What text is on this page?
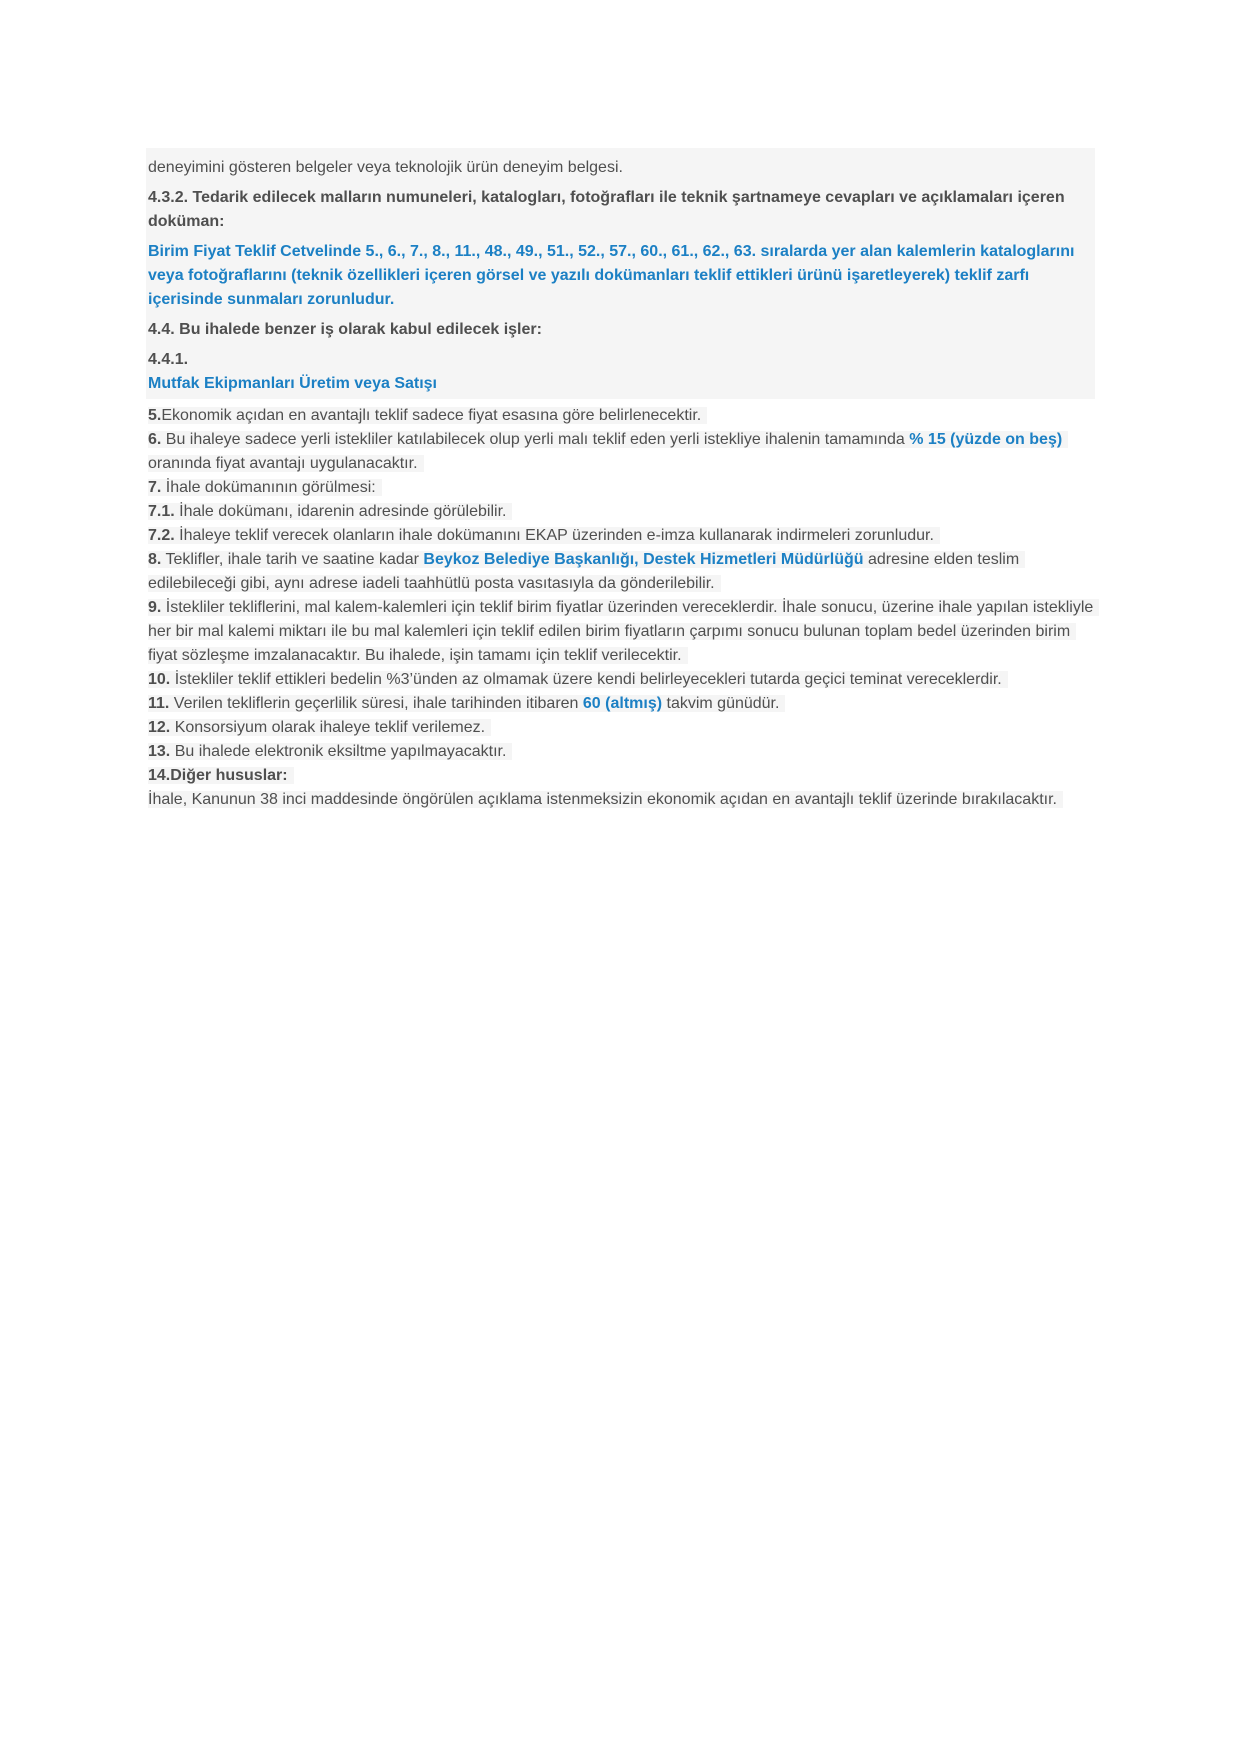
deneyimini gösteren belgeler veya teknolojik ürün deneyim belgesi.

4.3.2. Tedarik edilecek malların numuneleri, katalogları, fotoğrafları ile teknik şartnameye cevapları ve açıklamaları içeren doküman:

Birim Fiyat Teklif Cetvelinde 5., 6., 7., 8., 11., 48., 49., 51., 52., 57., 60., 61., 62., 63. sıralarda yer alan kalemlerin kataloglarını veya fotoğraflarını (teknik özellikleri içeren görsel ve yazılı dokümanları teklif ettikleri ürünü işaretleyerek) teklif zarfı içerisinde sunmaları zorunludur.

4.4. Bu ihalede benzer iş olarak kabul edilecek işler:

4.4.1.

Mutfak Ekipmanları Üretim veya Satışı

5.Ekonomik açıdan en avantajlı teklif sadece fiyat esasına göre belirlenecektir.

6. Bu ihaleye sadece yerli istekliler katılabilecek olup yerli malı teklif eden yerli istekliye ihalenin tamamında % 15 (yüzde on beş) oranında fiyat avantajı uygulanacaktır.

7. İhale dokümanının görülmesi:

7.1. İhale dokümanı, idarenin adresinde görülebilir.

7.2. İhaleye teklif verecek olanların ihale dokümanını EKAP üzerinden e-imza kullanarak indirmeleri zorunludur.

8. Teklifler, ihale tarih ve saatine kadar Beykoz Belediye Başkanlığı, Destek Hizmetleri Müdürlüğü adresine elden teslim edilebileceği gibi, aynı adrese iadeli taahhütlü posta vasıtasıyla da gönderilebilir.

9. İstekliler tekliflerini, mal kalem-kalemleri için teklif birim fiyatlar üzerinden vereceklerdir. İhale sonucu, üzerine ihale yapılan istekliyle her bir mal kalemi miktarı ile bu mal kalemleri için teklif edilen birim fiyatların çarpımı sonucu bulunan toplam bedel üzerinden birim fiyat sözleşme imzalanacaktır. Bu ihalede, işin tamamı için teklif verilecektir.

10. İstekliler teklif ettikleri bedelin %3’ünden az olmamak üzere kendi belirleyecekleri tutarda geçici teminat vereceklerdir.

11. Verilen tekliflerin geçerlilik süresi, ihale tarihinden itibaren 60 (altmış) takvim günüdür.

12. Konsorsiyum olarak ihaleye teklif verilemez.

13. Bu ihalede elektronik eksiltme yapılmayacaktır.

14.Diğer hususlar:

İhale, Kanunun 38 inci maddesinde öngörülen açıklama istenmeksizin ekonomik açıdan en avantajlı teklif üzerinde bırakılacaktır.
